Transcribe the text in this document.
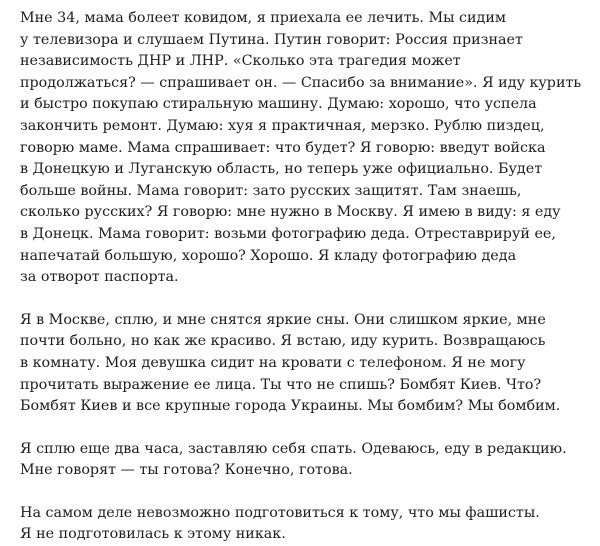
Мне 34, мама болеет ковидом, я приехала ее лечить. Мы сидим
у телевизора и слушаем Путина. Путин говорит: Россия признает
независимость ДНР и ЛНР. «Сколько эта трагедия может
продолжаться? — спрашивает он. — Спасибо за внимание». Я иду курить
и быстро покупаю стиральную машину. Думаю: хорошо, что успела
закончить ремонт. Думаю: хуя я практичная, мерзко. Рублю пиздец,
говорю маме. Мама спрашивает: что будет? Я говорю: введут войска
в Донецкую и Луганскую область, но теперь уже официально. Будет
больше войны. Мама говорит: зато русских защитят. Там знаешь,
сколько русских? Я говорю: мне нужно в Москву. Я имею в виду: я еду
в Донецк. Мама говорит: возьми фотографию деда. Отреставрируй ее,
напечатай большую, хорошо? Хорошо. Я кладу фотографию деда
за отворот паспорта.

Я в Москве, сплю, и мне снятся яркие сны. Они слишком яркие, мне
почти больно, но как же красиво. Я встаю, иду курить. Возвращаюсь
в комнату. Моя девушка сидит на кровати с телефоном. Я не могу
прочитать выражение ее лица. Ты что не спишь? Бомбят Киев. Что?
Бомбят Киев и все крупные города Украины. Мы бомбим? Мы бомбим.

Я сплю еще два часа, заставляю себя спать. Одеваюсь, еду в редакцию.
Мне говорят — ты готова? Конечно, готова.

На самом деле невозможно подготовиться к тому, что мы фашисты.
Я не подготовилась к этому никак.
